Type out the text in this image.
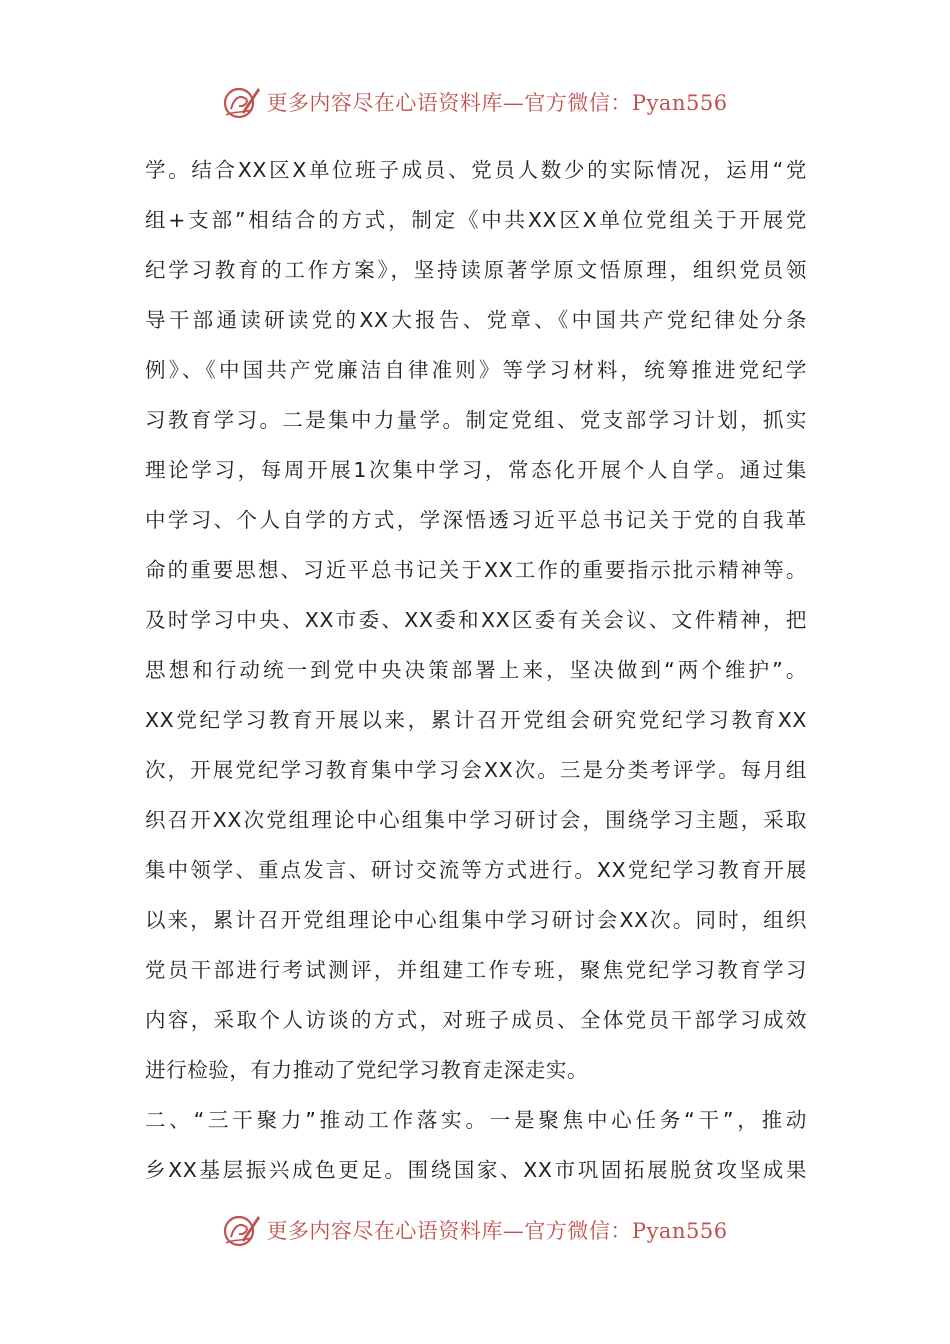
更多内容尽在心语资料库—官方微信：Pyan556
学。结合XX区X单位班子成员、党员人数少的实际情况，运用“党
组+支部”相结合的方式，制定《中共XX区X单位党组关于开展党
纪学习教育的工作方案》，坚持读原著学原文悟原理，组织党员领
导干部通读研读党的XX大报告、党章、《中国共产党纪律处分条
例》、《中国共产党廉洁自律准则》等学习材料，统筹推进党纪学
习教育学习。二是集中力量学。制定党组、党支部学习计划，抓实
理论学习，每周开展1次集中学习，常态化开展个人自学。通过集
中学习、个人自学的方式，学深悟透习近平总书记关于党的自我革
命的重要思想、习近平总书记关于XX工作的重要指示批示精神等。
及时学习中央、XX市委、XX委和XX区委有关会议、文件精神，把
思想和行动统一到党中央决策部署上来，坚决做到“两个维护”。
XX党纪学习教育开展以来，累计召开党组会研究党纪学习教育XX
次，开展党纪学习教育集中学习会XX次。三是分类考评学。每月组
织召开XX次党组理论中心组集中学习研讨会，围绕学习主题，采取
集中领学、重点发言、研讨交流等方式进行。XX党纪学习教育开展
以来，累计召开党组理论中心组集中学习研讨会XX次。同时，组织
党员干部进行考试测评，并组建工作专班，聚焦党纪学习教育学习
内容，采取个人访谈的方式，对班子成员、全体党员干部学习成效
进行检验，有力推动了党纪学习教育走深走实。
二、“三干聚力”推动工作落实。一是聚焦中心任务“干”，推动
乡XX基层振兴成色更足。围绕国家、XX市巩固拓展脱贫攻坚成果
更多内容尽在心语资料库—官方微信：Pyan556
